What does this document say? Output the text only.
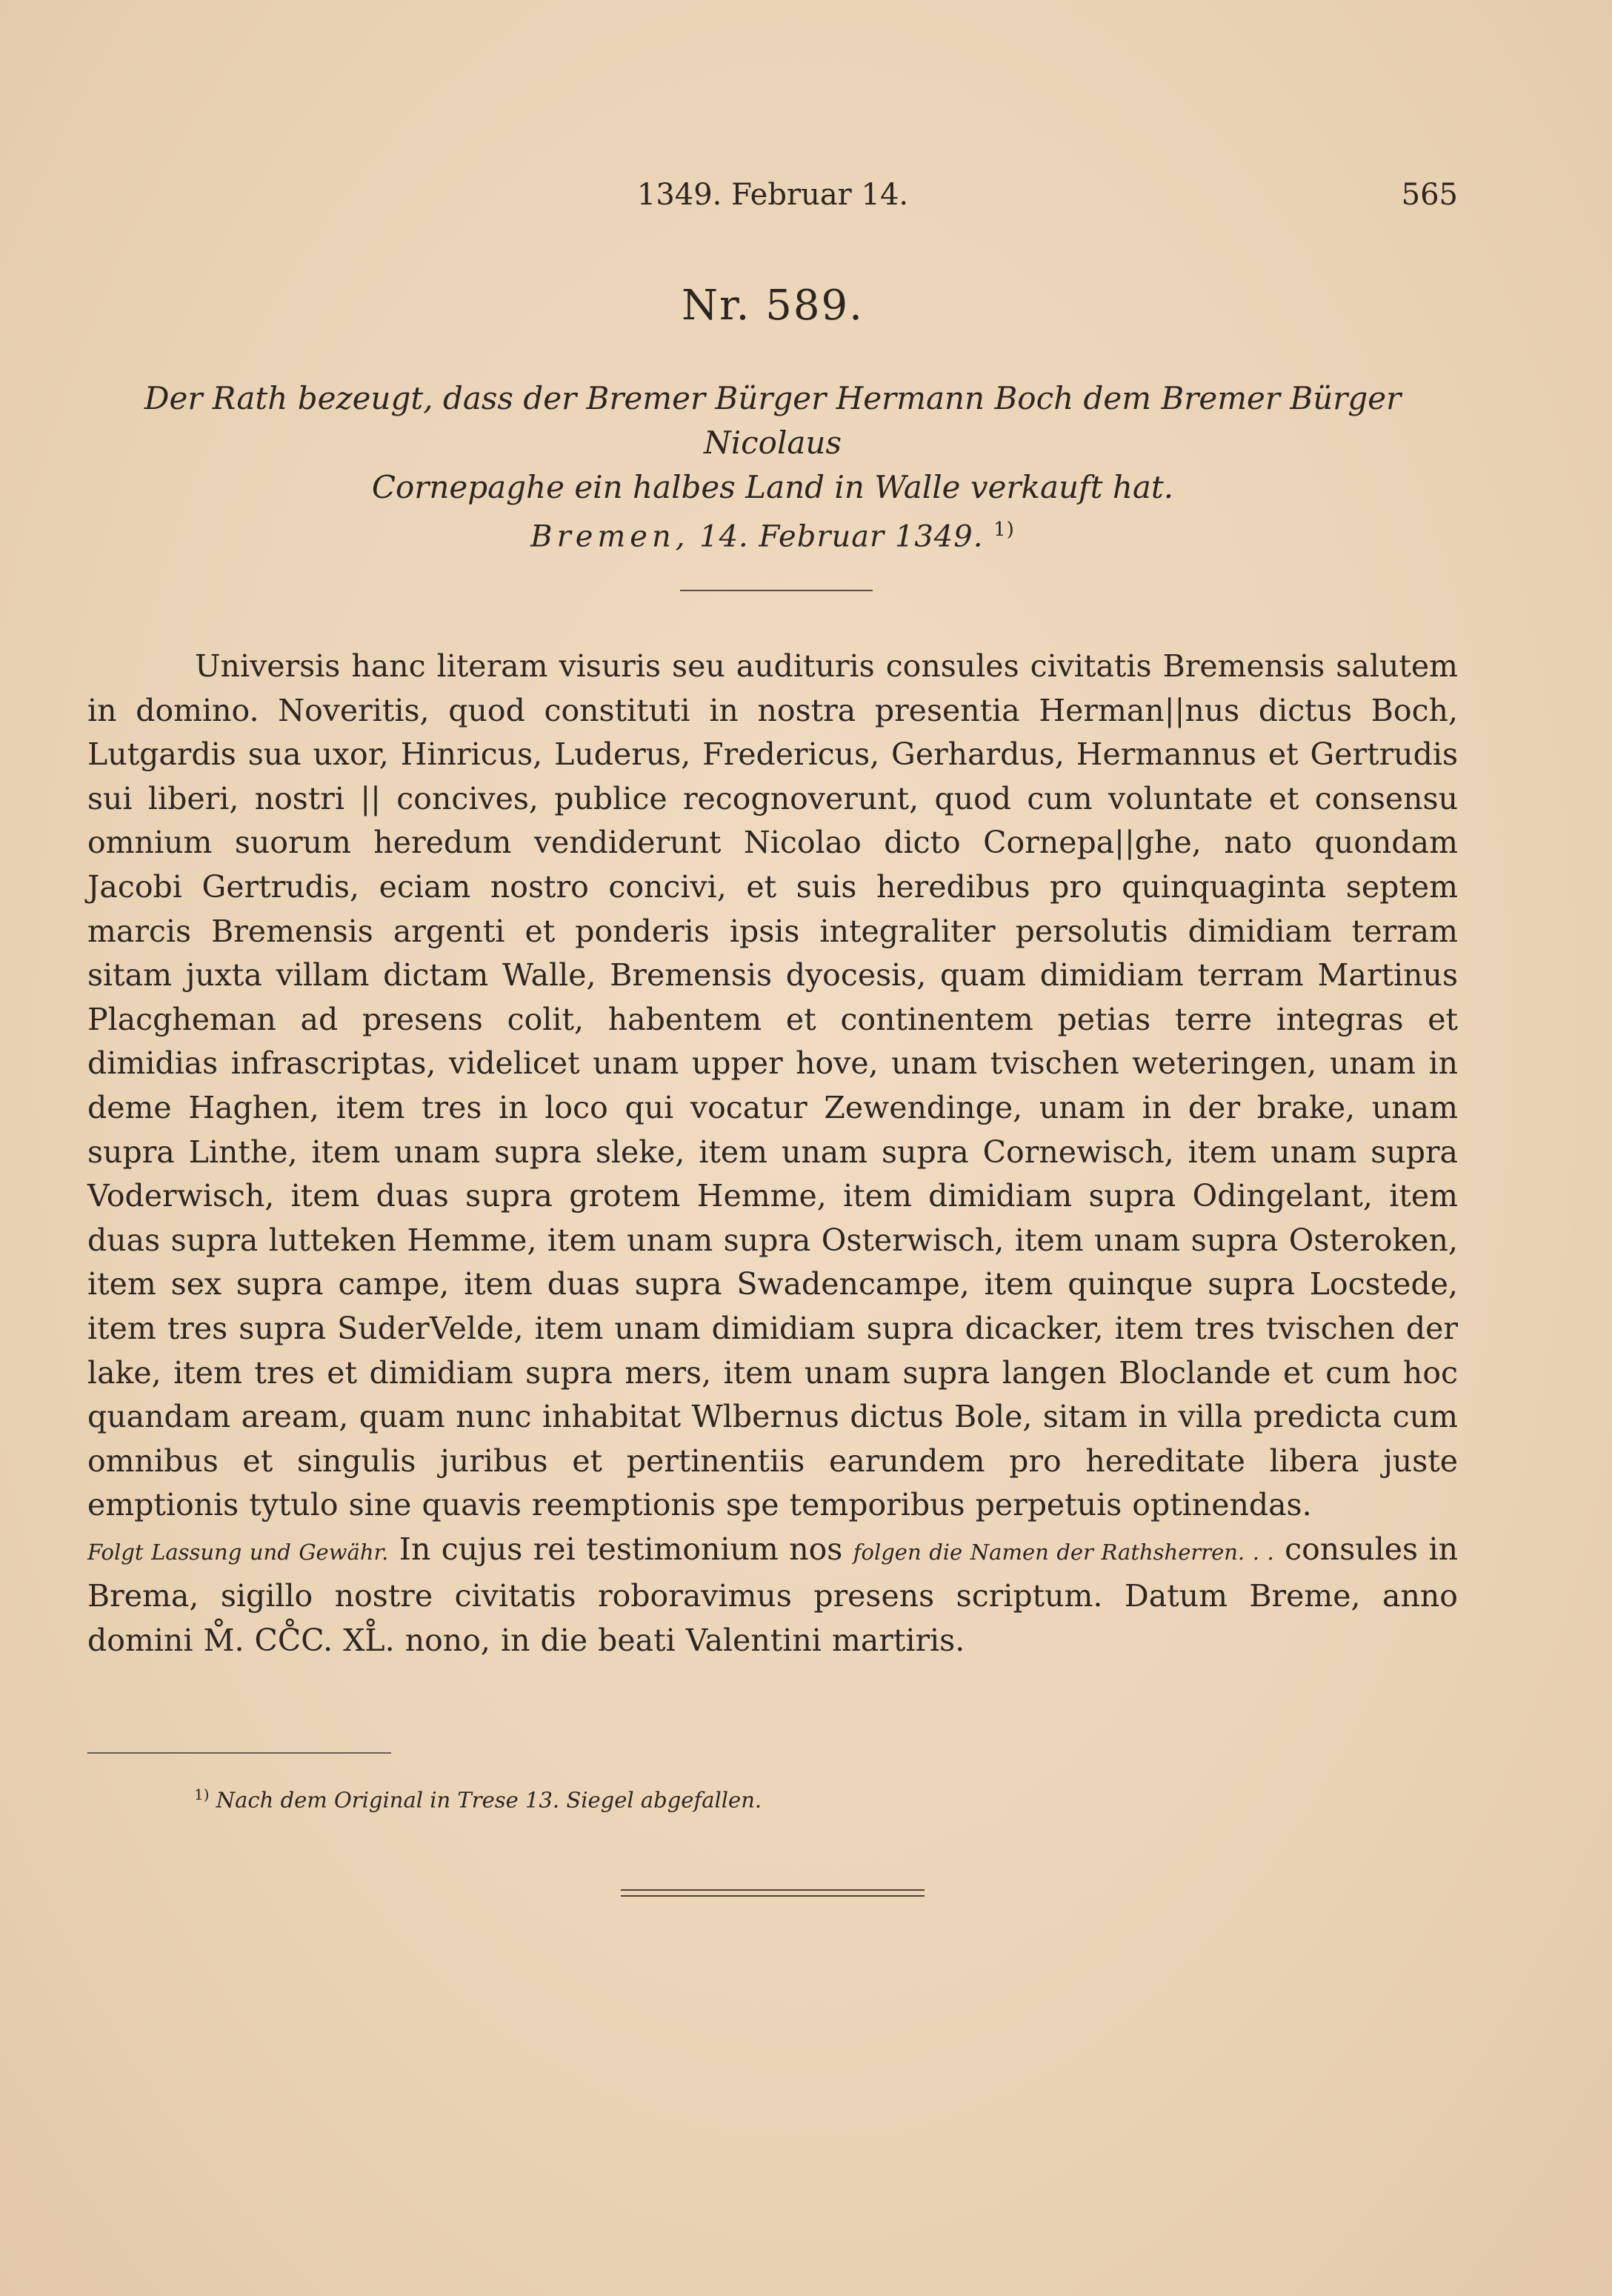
1349. Februar 14.	565
Nr. 589.
Der Rath bezeugt, dass der Bremer Bürger Hermann Boch dem Bremer Bürger Nicolaus
Cornepaghe ein halbes Land in Walle verkauft hat.
Bremen, 14. Februar 1349. $^{1)}$

Universis hanc literam visuris seu audituris consules civitatis Bremensis salutem in domino. Noveritis, quod constituti in nostra presentia Herman||nus dictus Boch, Lutgardis sua uxor, Hinricus, Luderus, Fredericus, Gerhardus, Hermannus et Gertrudis sui liberi, nostri || concives, publice recognoverunt, quod cum voluntate et consensu omnium suorum heredum vendiderunt Nicolao dicto Cornepa||ghe, nato quondam Jacobi Gertrudis, eciam nostro concivi, et suis heredibus pro quinquaginta septem marcis Bremensis argenti et ponderis ipsis integraliter persolutis dimidiam terram sitam juxta villam dictam Walle, Bremensis dyocesis, quam dimidiam terram Martinus Placgheman ad presens colit, habentem et continentem petias terre integras et dimidias infrascriptas, videlicet unam upper hove, unam tvischen weteringen, unam in deme Haghen, item tres in loco qui vocatur Zewendinge, unam in der brake, unam supra Linthe, item unam supra sleke, item unam supra Cornewisch, item unam supra Voderwisch, item duas supra grotem Hemme, item dimidiam supra Odingelant, item duas supra lutteken Hemme, item unam supra Osterwisch, item unam supra Osteroken, item sex supra campe, item duas supra Swadencampe, item quinque supra Locstede, item tres supra SuderVelde, item unam dimidiam supra dicacker, item tres tvischen der lake, item tres et dimidiam supra mers, item unam supra langen Bloclande et cum hoc quandam aream, quam nunc inhabitat Wlbernus dictus Bole, sitam in villa predicta cum omnibus et singulis juribus et pertinentiis earundem pro hereditate libera juste emptionis tytulo sine quavis reemptionis spe temporibus perpetuis optinendas.

Folgt Lassung und Gewähr. In cujus rei testimonium nos folgen die Namen der Rathsherren. . . consules in Brema, sigillo nostre civitatis roboravimus presens scriptum. Datum Breme, anno domini M̊. CC̊C. XL̊. nono, in die beati Valentini martiris.

$^{1)}$ Nach dem Original in Trese 13. Siegel abgefallen.
